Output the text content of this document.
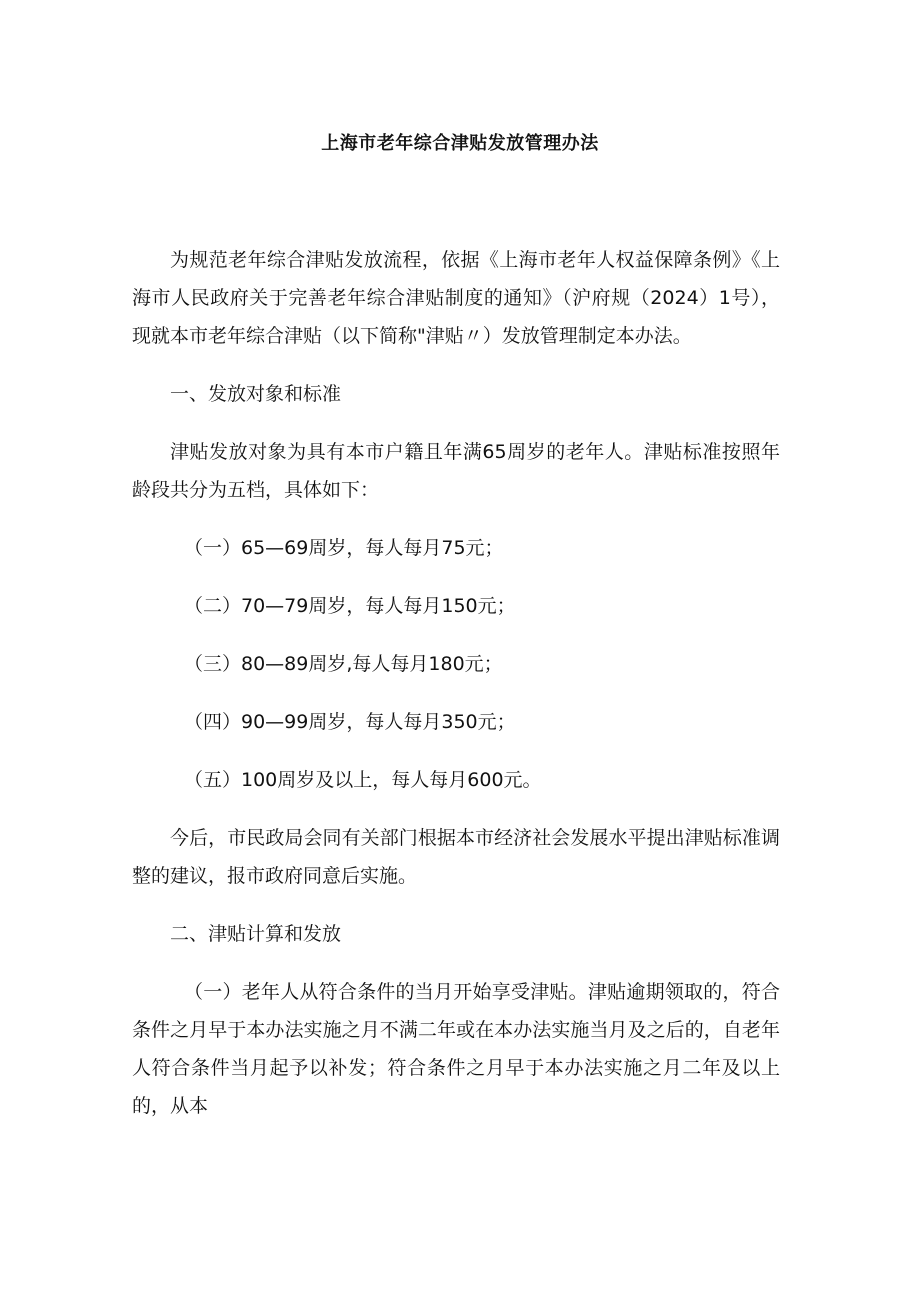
上海市老年综合津贴发放管理办法

为规范老年综合津贴发放流程，依据《上海市老年人权益保障条例》《上海市人民政府关于完善老年综合津贴制度的通知》（沪府规（2024）1号），现就本市老年综合津贴（以下简称"津贴〃）发放管理制定本办法。

一、发放对象和标准

津贴发放对象为具有本市户籍且年满65周岁的老年人。津贴标准按照年龄段共分为五档，具体如下：

（一）65—69周岁，每人每月75元；

（二）70—79周岁，每人每月150元；

（三）80—89周岁,每人每月180元；

（四）90—99周岁，每人每月350元；

（五）100周岁及以上，每人每月600元。

今后，市民政局会同有关部门根据本市经济社会发展水平提出津贴标准调整的建议，报市政府同意后实施。

二、津贴计算和发放

（一）老年人从符合条件的当月开始享受津贴。津贴逾期领取的，符合条件之月早于本办法实施之月不满二年或在本办法实施当月及之后的，自老年人符合条件当月起予以补发；符合条件之月早于本办法实施之月二年及以上的，从本
